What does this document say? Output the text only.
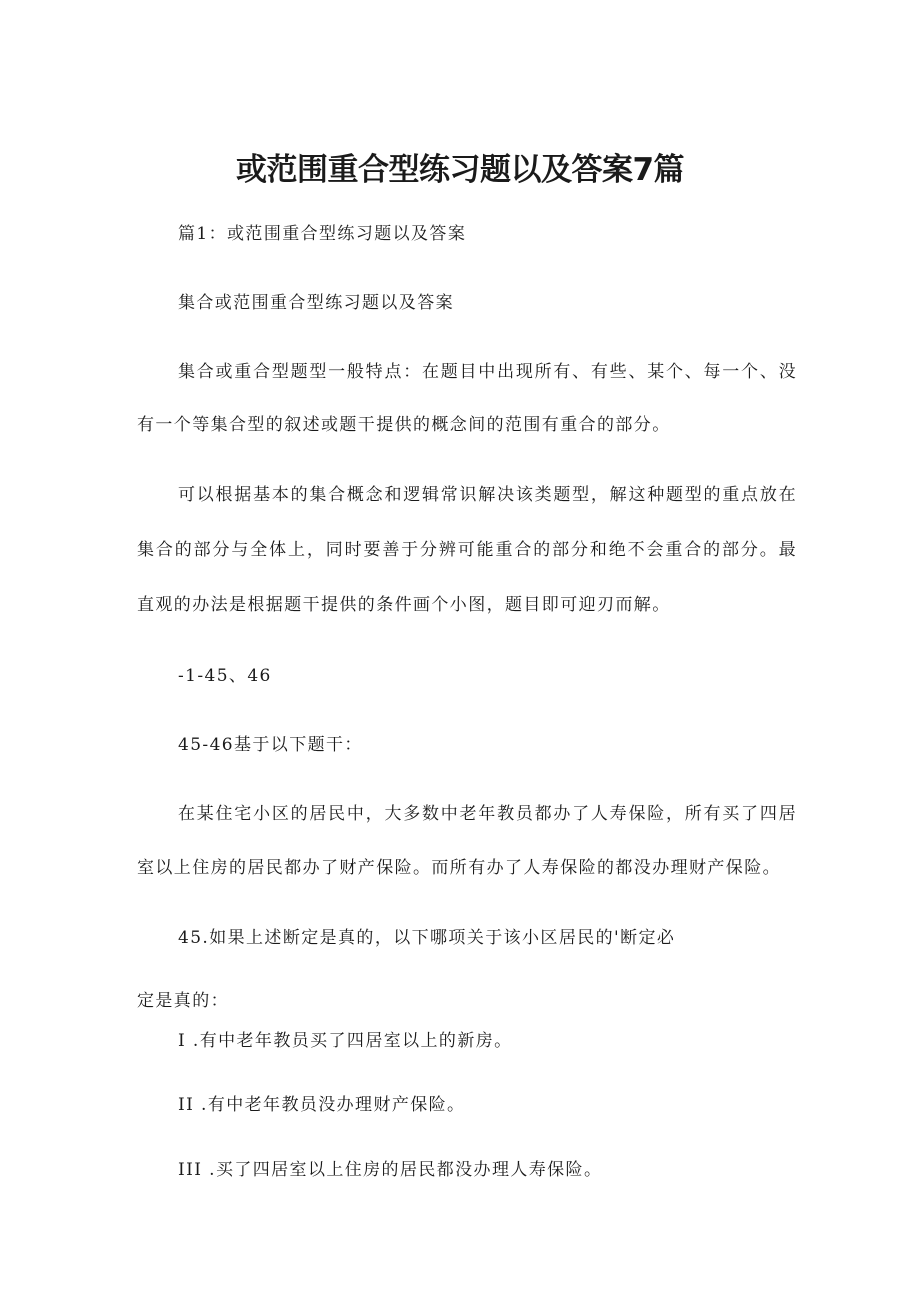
或范围重合型练习题以及答案7篇

篇1：或范围重合型练习题以及答案

集合或范围重合型练习题以及答案

集合或重合型题型一般特点：在题目中出现所有、有些、某个、每一个、没

有一个等集合型的叙述或题干提供的概念间的范围有重合的部分。

可以根据基本的集合概念和逻辑常识解决该类题型，解这种题型的重点放在

集合的部分与全体上，同时要善于分辨可能重合的部分和绝不会重合的部分。最

直观的办法是根据题干提供的条件画个小图，题目即可迎刃而解。

-1-45、46

45-46基于以下题干：

在某住宅小区的居民中，大多数中老年教员都办了人寿保险，所有买了四居

室以上住房的居民都办了财产保险。而所有办了人寿保险的都没办理财产保险。

45.如果上述断定是真的，以下哪项关于该小区居民的'断定必

定是真的：

I .有中老年教员买了四居室以上的新房。

II .有中老年教员没办理财产保险。

III .买了四居室以上住房的居民都没办理人寿保险。
